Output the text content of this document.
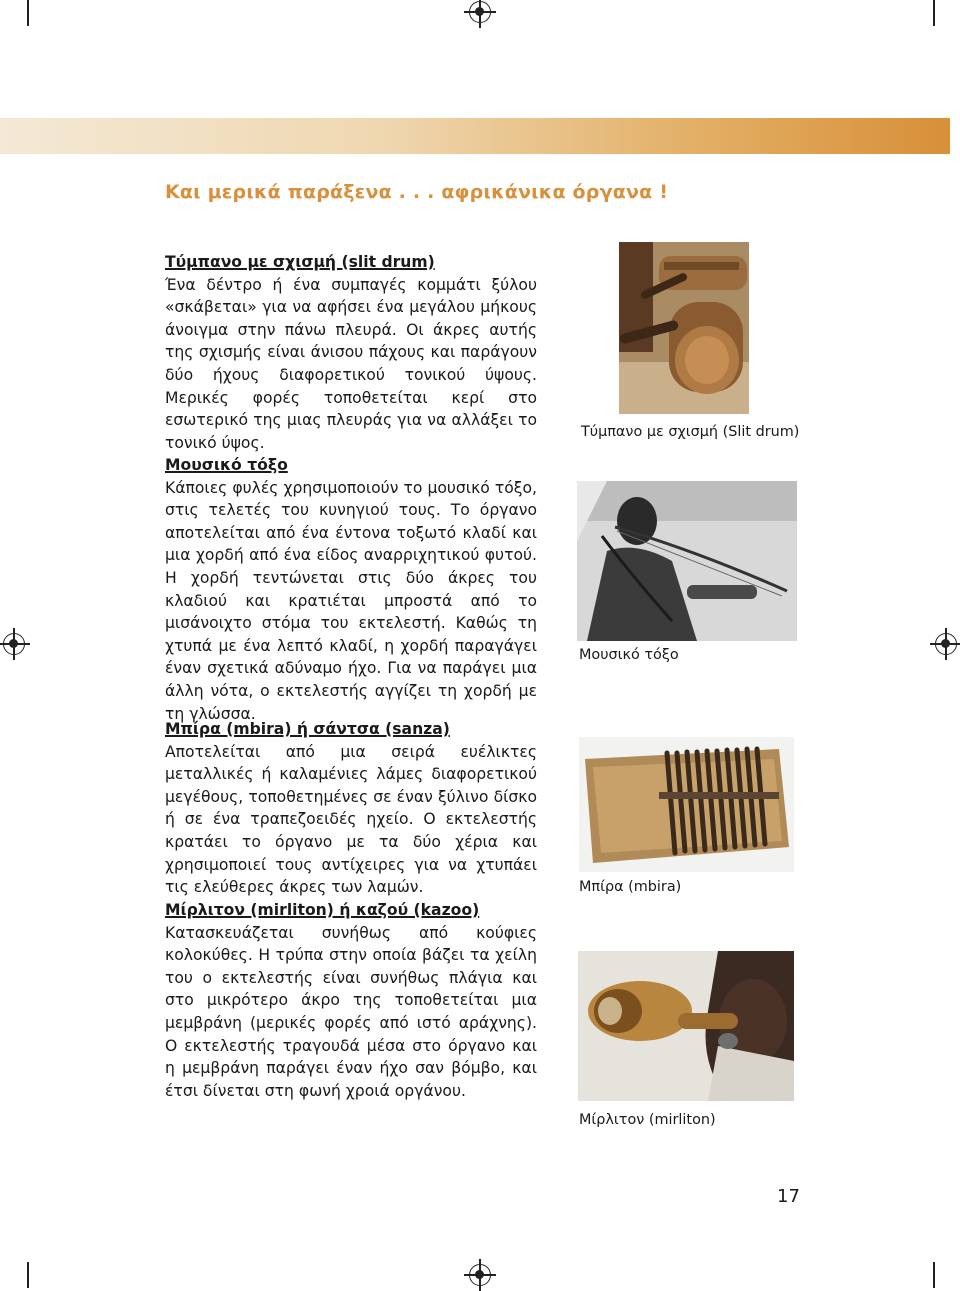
Και μερικά παράξενα . . . αφρικάνικα όργανα !
Τύμπανο με σχισμή (slit drum)

Ένα δέντρο ή ένα συμπαγές κομμάτι ξύλου «σκάβεται» για να αφήσει ένα μεγάλου μήκους άνοιγμα στην πάνω πλευρά. Οι άκρες αυτής της σχισμής είναι άνισου πάχους και παράγουν δύο ήχους διαφορετικού τονικού ύψους. Μερικές φορές τοποθετείται κερί στο εσωτερικό της μιας πλευράς για να αλλάξει το τονικό ύψος.

Μουσικό τόξο

Κάποιες φυλές χρησιμοποιούν το μουσικό τόξο, στις τελετές του κυνηγιού τους. Το όργανο αποτελείται από ένα έντονα τοξωτό κλαδί και μια χορδή από ένα είδος αναρριχητικού φυτού. Η χορδή τεντώνεται στις δύο άκρες του κλαδιού και κρατιέται μπροστά από το μισάνοιχτο στόμα του εκτελεστή. Καθώς τη χτυπά με ένα λεπτό κλαδί, η χορδή παραγάγει έναν σχετικά αδύναμο ήχο. Για να παράγει μια άλλη νότα, ο εκτελεστής αγγίζει τη χορδή με τη γλώσσα.

Μπίρα (mbira) ή σάντσα (sanza)

Αποτελείται από μια σειρά ευέλικτες μεταλλικές ή καλαμένιες λάμες διαφορετικού μεγέθους, τοποθετημένες σε έναν ξύλινο δίσκο ή σε ένα τραπεζοειδές ηχείο. Ο εκτελεστής κρατάει το όργανο με τα δύο χέρια και χρησιμοποιεί τους αντίχειρες για να χτυπάει τις ελεύθερες άκρες των λαμών.

Μίρλιτον (mirliton) ή καζού (kazoo)

Κατασκευάζεται συνήθως από κούφιες κολοκύθες. Η τρύπα στην οποία βάζει τα χείλη του ο εκτελεστής είναι συνήθως πλάγια και στο μικρότερο άκρο της τοποθετείται μια μεμβράνη (μερικές φορές από ιστό αράχνης). Ο εκτελεστής τραγουδά μέσα στο όργανο και η μεμβράνη παράγει έναν ήχο σαν βόμβο, και έτσι δίνεται στη φωνή χροιά οργάνου.

Τύμπανο με σχισμή (Slit drum)
Μουσικό τόξο
Μπίρα (mbira)
Μίρλιτον (mirliton)
17
